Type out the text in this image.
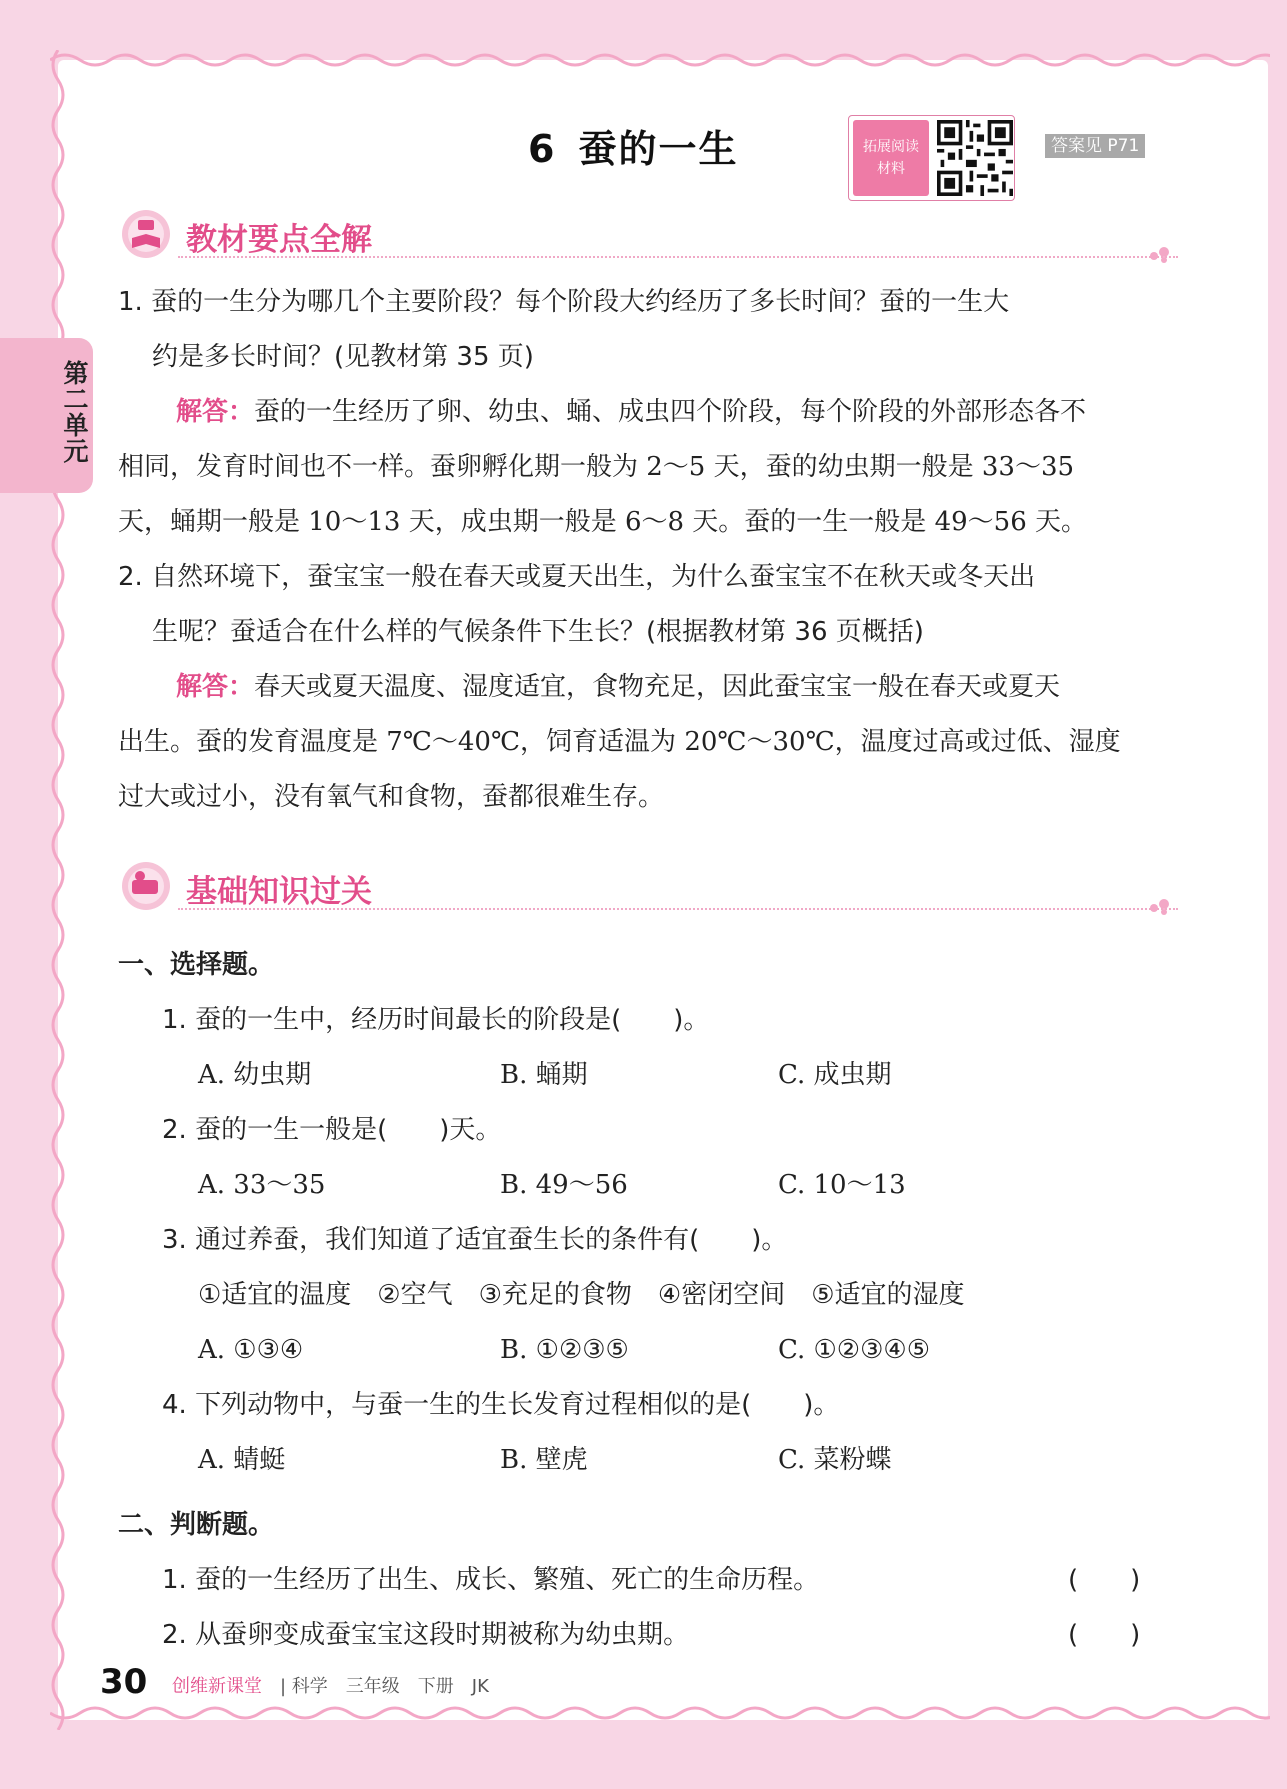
第二单元
6 蚕的一生	拓展阅读
材料
答案见 P71
教材要点全解
1. 蚕的一生分为哪几个主要阶段？每个阶段大约经历了多长时间？蚕的一生大
约是多长时间？(见教材第 35 页)
解答：蚕的一生经历了卵、幼虫、蛹、成虫四个阶段，每个阶段的外部形态各不
相同，发育时间也不一样。蚕卵孵化期一般为 2～5 天，蚕的幼虫期一般是 33～35
天，蛹期一般是 10～13 天，成虫期一般是 6～8 天。蚕的一生一般是 49～56 天。
2. 自然环境下，蚕宝宝一般在春天或夏天出生，为什么蚕宝宝不在秋天或冬天出
生呢？蚕适合在什么样的气候条件下生长？(根据教材第 36 页概括)
解答：春天或夏天温度、湿度适宜，食物充足，因此蚕宝宝一般在春天或夏天
出生。蚕的发育温度是 7℃～40℃，饲育适温为 20℃～30℃，温度过高或过低、湿度
过大或过小，没有氧气和食物，蚕都很难生存。
基础知识过关
一、选择题。
1. 蚕的一生中，经历时间最长的阶段是(　　)。
A. 幼虫期	B. 蛹期	C. 成虫期
2. 蚕的一生一般是(　　)天。
A. 33～35	B. 49～56	C. 10～13
3. 通过养蚕，我们知道了适宜蚕生长的条件有(　　)。
①适宜的温度　②空气　③充足的食物　④密闭空间　⑤适宜的湿度
A. ①③④	B. ①②③⑤	C. ①②③④⑤
4. 下列动物中，与蚕一生的生长发育过程相似的是(　　)。
A. 蜻蜓	B. 壁虎	C. 菜粉蝶
二、判断题。
1. 蚕的一生经历了出生、成长、繁殖、死亡的生命历程。	(　　)
2. 从蚕卵变成蚕宝宝这段时期被称为幼虫期。	(　　)
30 创维新课堂 | 科学　三年级　下册　JK
